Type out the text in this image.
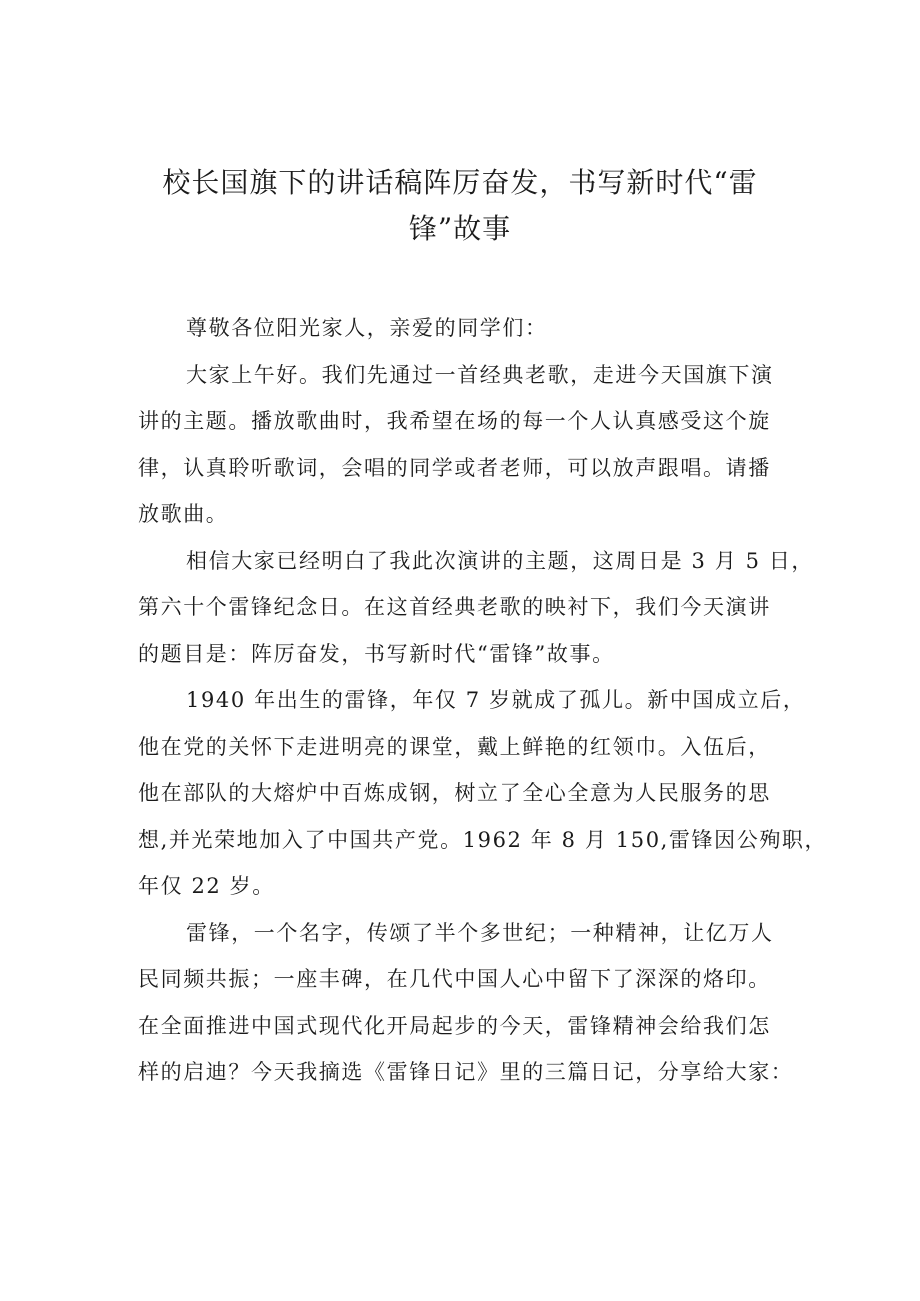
校长国旗下的讲话稿阵厉奋发，书写新时代“雷
锋”故事
尊敬各位阳光家人，亲爱的同学们：
大家上午好。我们先通过一首经典老歌，走进今天国旗下演
讲的主题。播放歌曲时，我希望在场的每一个人认真感受这个旋
律，认真聆听歌词，会唱的同学或者老师，可以放声跟唱。请播
放歌曲。
相信大家已经明白了我此次演讲的主题，这周日是 3 月 5 日，
第六十个雷锋纪念日。在这首经典老歌的映衬下，我们今天演讲
的题目是：阵厉奋发，书写新时代“雷锋”故事。
1940 年出生的雷锋，年仅 7 岁就成了孤儿。新中国成立后，
他在党的关怀下走进明亮的课堂，戴上鲜艳的红领巾。入伍后，
他在部队的大熔炉中百炼成钢，树立了全心全意为人民服务的思
想,并光荣地加入了中国共产党。1962 年 8 月 150,雷锋因公殉职，
年仅 22 岁。
雷锋，一个名字，传颂了半个多世纪；一种精神，让亿万人
民同频共振；一座丰碑，在几代中国人心中留下了深深的烙印。
在全面推进中国式现代化开局起步的今天，雷锋精神会给我们怎
样的启迪？今天我摘选《雷锋日记》里的三篇日记，分享给大家：
